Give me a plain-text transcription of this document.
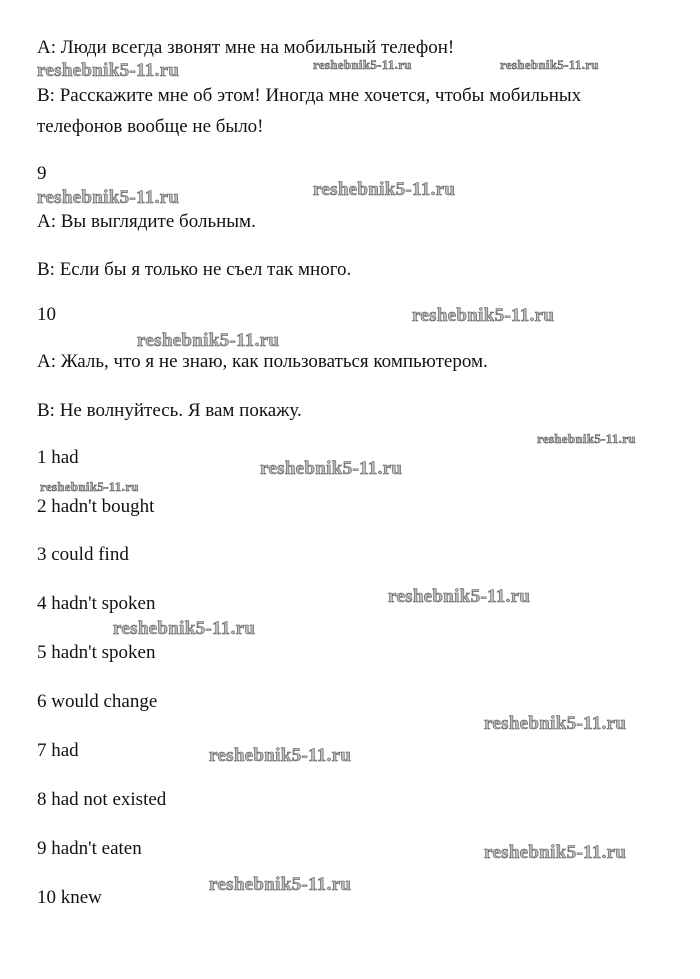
А: Люди всегда звонят мне на мобильный телефон!
В: Расскажите мне об этом! Иногда мне хочется, чтобы мобильных
телефонов вообще не было!
9
А: Вы выглядите больным.
В: Если бы я только не съел так много.
10
А: Жаль, что я не знаю, как пользоваться компьютером.
В: Не волнуйтесь. Я вам покажу.
1 had
2 hadn't bought
3 could find
4 hadn't spoken
5 hadn't spoken
6 would change
7 had
8 had not existed
9 hadn't eaten
10 knew
reshebnik5-11.ru	reshebnik5-11.ru	reshebnik5-11.ru
reshebnik5-11.ru	reshebnik5-11.ru
reshebnik5-11.ru
reshebnik5-11.ru
reshebnik5-11.ru
reshebnik5-11.ru
reshebnik5-11.ru
reshebnik5-11.ru
reshebnik5-11.ru
reshebnik5-11.ru
reshebnik5-11.ru
reshebnik5-11.ru
reshebnik5-11.ru
